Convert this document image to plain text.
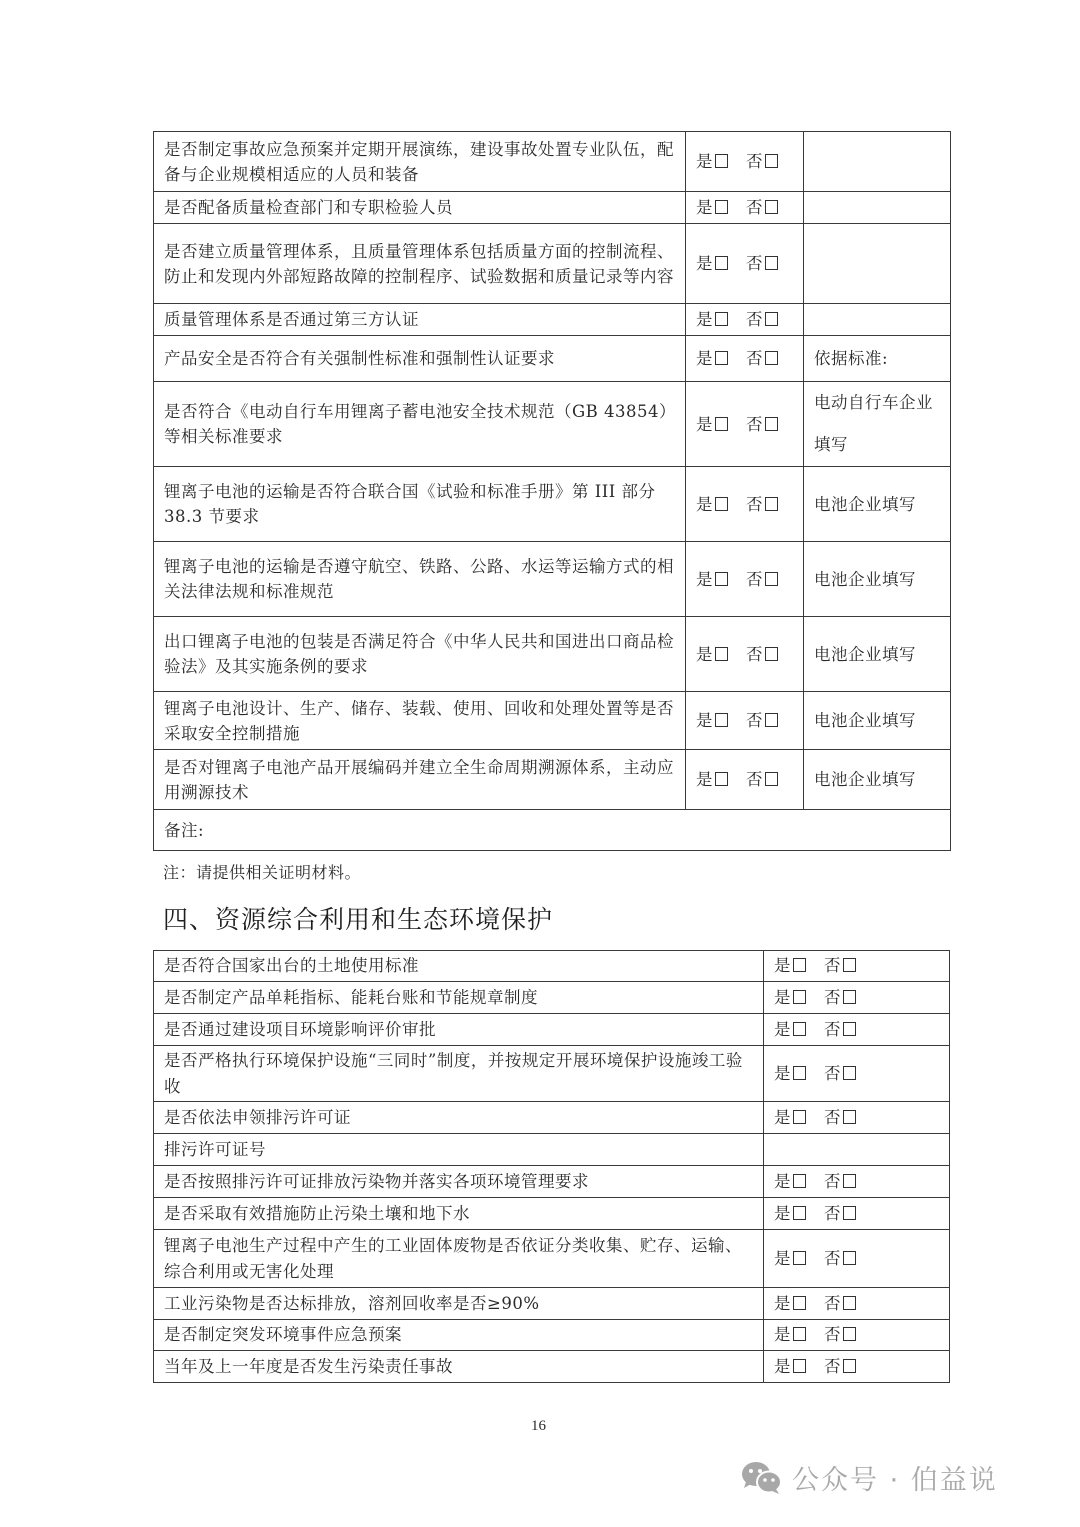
是否制定事故应急预案并定期开展演练，建设事故处置专业队伍，配备与企业规模相适应的人员和装备	是 否	
是否配备质量检查部门和专职检验人员	是 否	
是否建立质量管理体系，且质量管理体系包括质量方面的控制流程、防止和发现内外部短路故障的控制程序、试验数据和质量记录等内容	是 否	
质量管理体系是否通过第三方认证	是 否	
产品安全是否符合有关强制性标准和强制性认证要求	是 否	依据标准:
是否符合《电动自行车用锂离子蓄电池安全技术规范（GB 43854）等相关标准要求	是 否	电动自行车企业填写
锂离子电池的运输是否符合联合国《试验和标准手册》第 III 部分 38.3 节要求	是 否	电池企业填写
锂离子电池的运输是否遵守航空、铁路、公路、水运等运输方式的相关法律法规和标准规范	是 否	电池企业填写
出口锂离子电池的包装是否满足符合《中华人民共和国进出口商品检验法》及其实施条例的要求	是 否	电池企业填写
锂离子电池设计、生产、储存、装载、使用、回收和处理处置等是否采取安全控制措施	是 否	电池企业填写
是否对锂离子电池产品开展编码并建立全生命周期溯源体系，主动应用溯源技术	是 否	电池企业填写
备注:		
注：请提供相关证明材料。
四、资源综合利用和生态环境保护
是否符合国家出台的土地使用标准	是 否
是否制定产品单耗指标、能耗台账和节能规章制度	是 否
是否通过建设项目环境影响评价审批	是 否
是否严格执行环境保护设施“三同时”制度，并按规定开展环境保护设施竣工验收	是 否
是否依法申领排污许可证	是 否
排污许可证号	
是否按照排污许可证排放污染物并落实各项环境管理要求	是 否
是否采取有效措施防止污染土壤和地下水	是 否
锂离子电池生产过程中产生的工业固体废物是否依证分类收集、贮存、运输、综合利用或无害化处理	是 否
工业污染物是否达标排放，溶剂回收率是否≥90%	是 否
是否制定突发环境事件应急预案	是 否
当年及上一年度是否发生污染责任事故	是 否
16
公众号 · 伯益说
